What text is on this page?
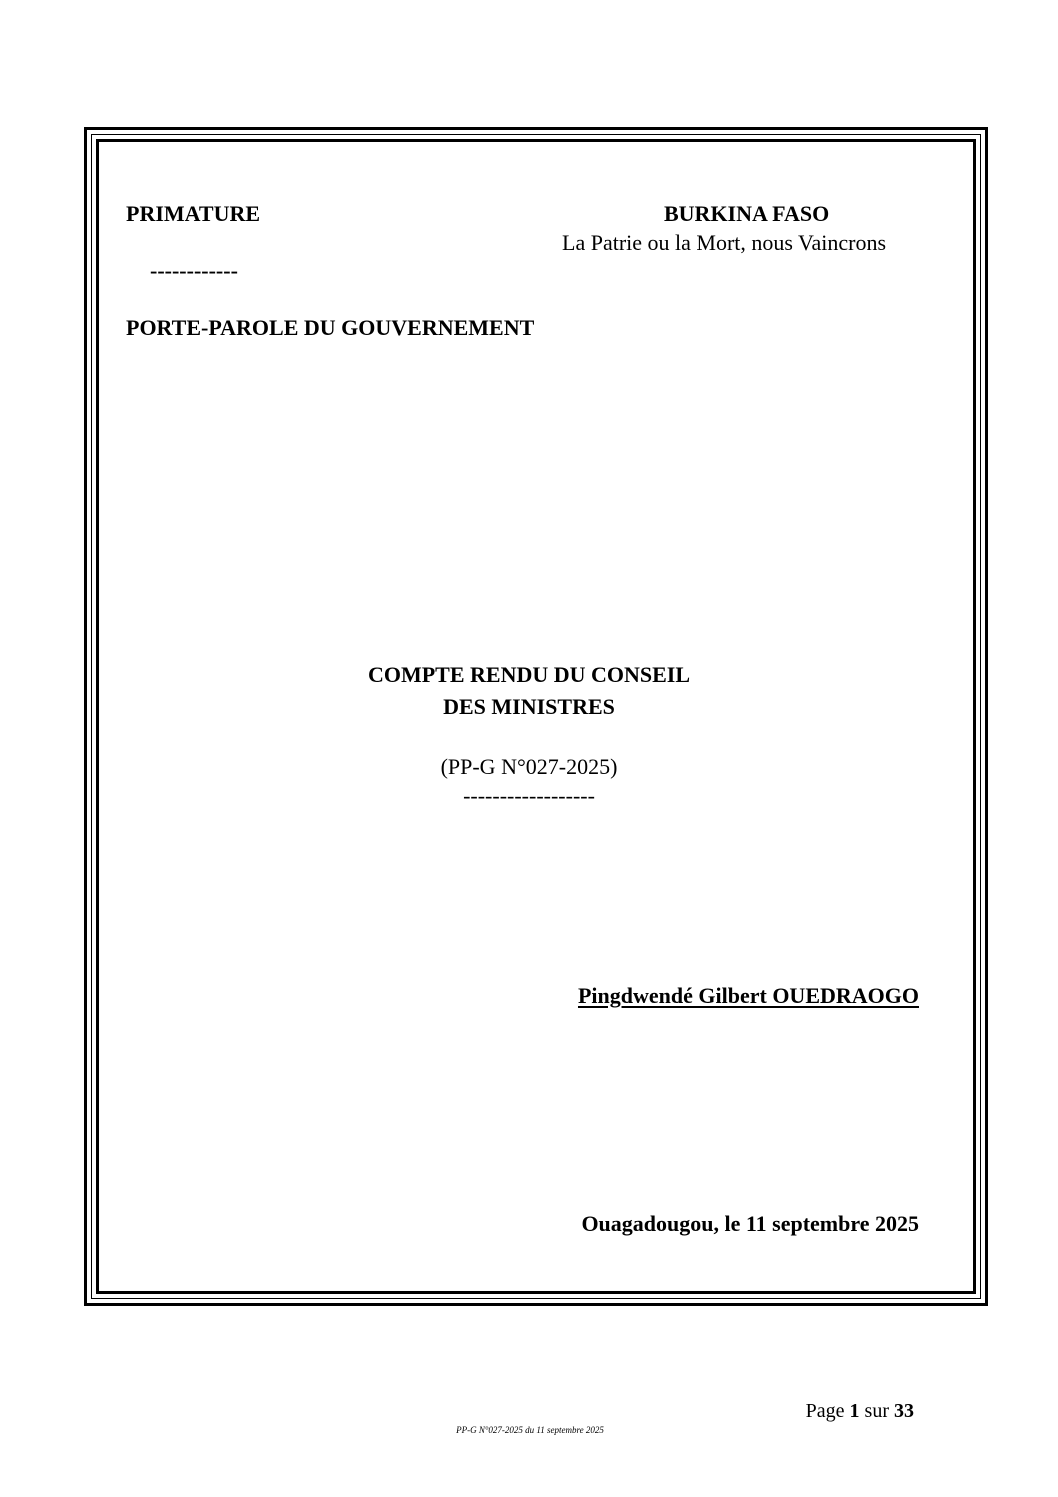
PRIMATURE	BURKINA FASO
La Patrie ou la Mort, nous Vaincrons
------------
PORTE-PAROLE DU GOUVERNEMENT
COMPTE RENDU DU CONSEIL
DES MINISTRES
(PP-G N°027-2025)
------------------
Pingdwendé Gilbert OUEDRAOGO
Ouagadougou, le 11 septembre 2025
Page 1 sur 33
PP-G N°027-2025 du 11 septembre 2025
